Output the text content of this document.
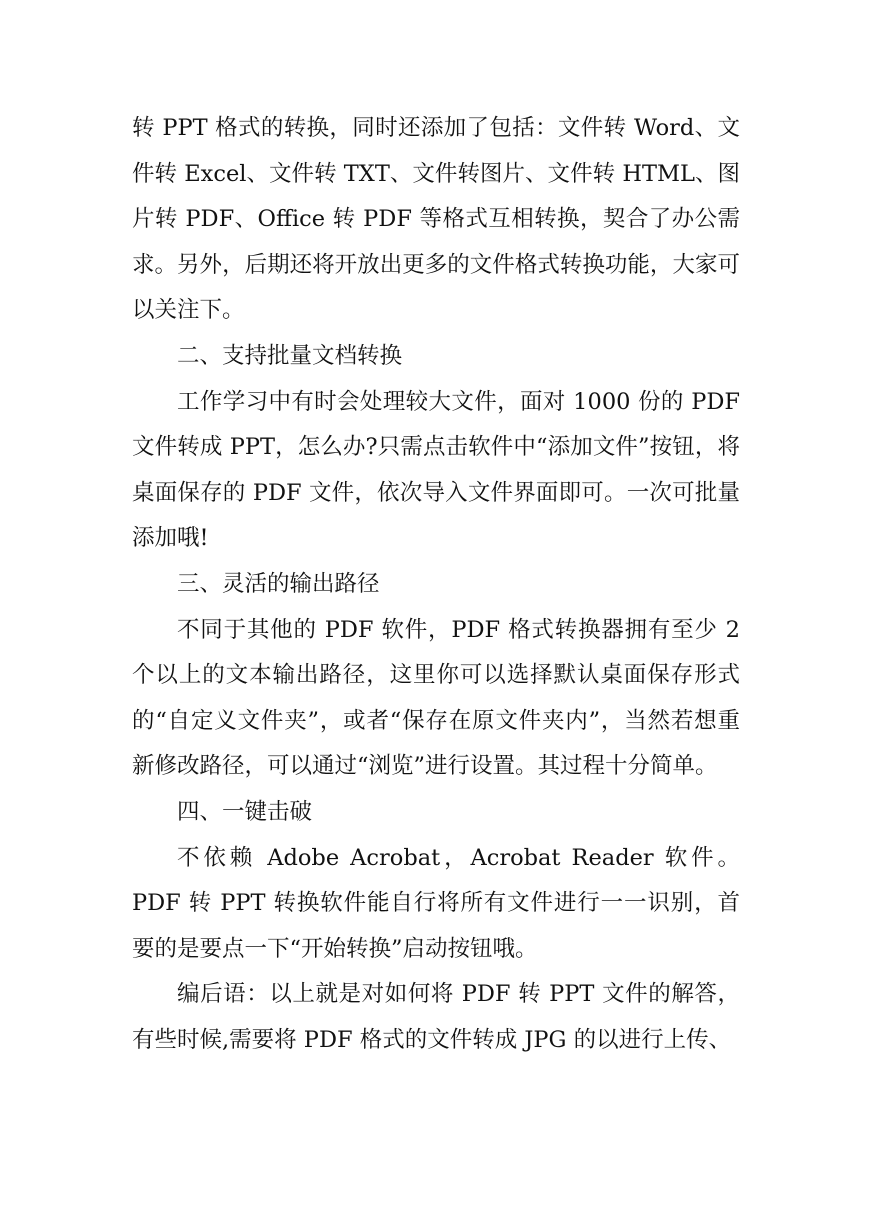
转 PPT 格式的转换，同时还添加了包括：文件转 Word、文件转 Excel、文件转 TXT、文件转图片、文件转 HTML、图片转 PDF、Office 转 PDF 等格式互相转换，契合了办公需求。另外，后期还将开放出更多的文件格式转换功能，大家可以关注下。

二、支持批量文档转换

工作学习中有时会处理较大文件，面对 1000 份的 PDF 文件转成 PPT，怎么办?只需点击软件中“添加文件”按钮，将桌面保存的 PDF 文件，依次导入文件界面即可。一次可批量添加哦!

三、灵活的输出路径

不同于其他的 PDF 软件，PDF 格式转换器拥有至少 2 个以上的文本输出路径，这里你可以选择默认桌面保存形式的“自定义文件夹”，或者“保存在原文件夹内”，当然若想重新修改路径，可以通过“浏览”进行设置。其过程十分简单。

四、一键击破

不依赖 Adobe Acrobat，Acrobat Reader 软件。PDF 转 PPT 转换软件能自行将所有文件进行一一识别，首要的是要点一下“开始转换”启动按钮哦。

编后语：以上就是对如何将 PDF 转 PPT 文件的解答，有些时候,需要将 PDF 格式的文件转成 JPG 的以进行上传、
